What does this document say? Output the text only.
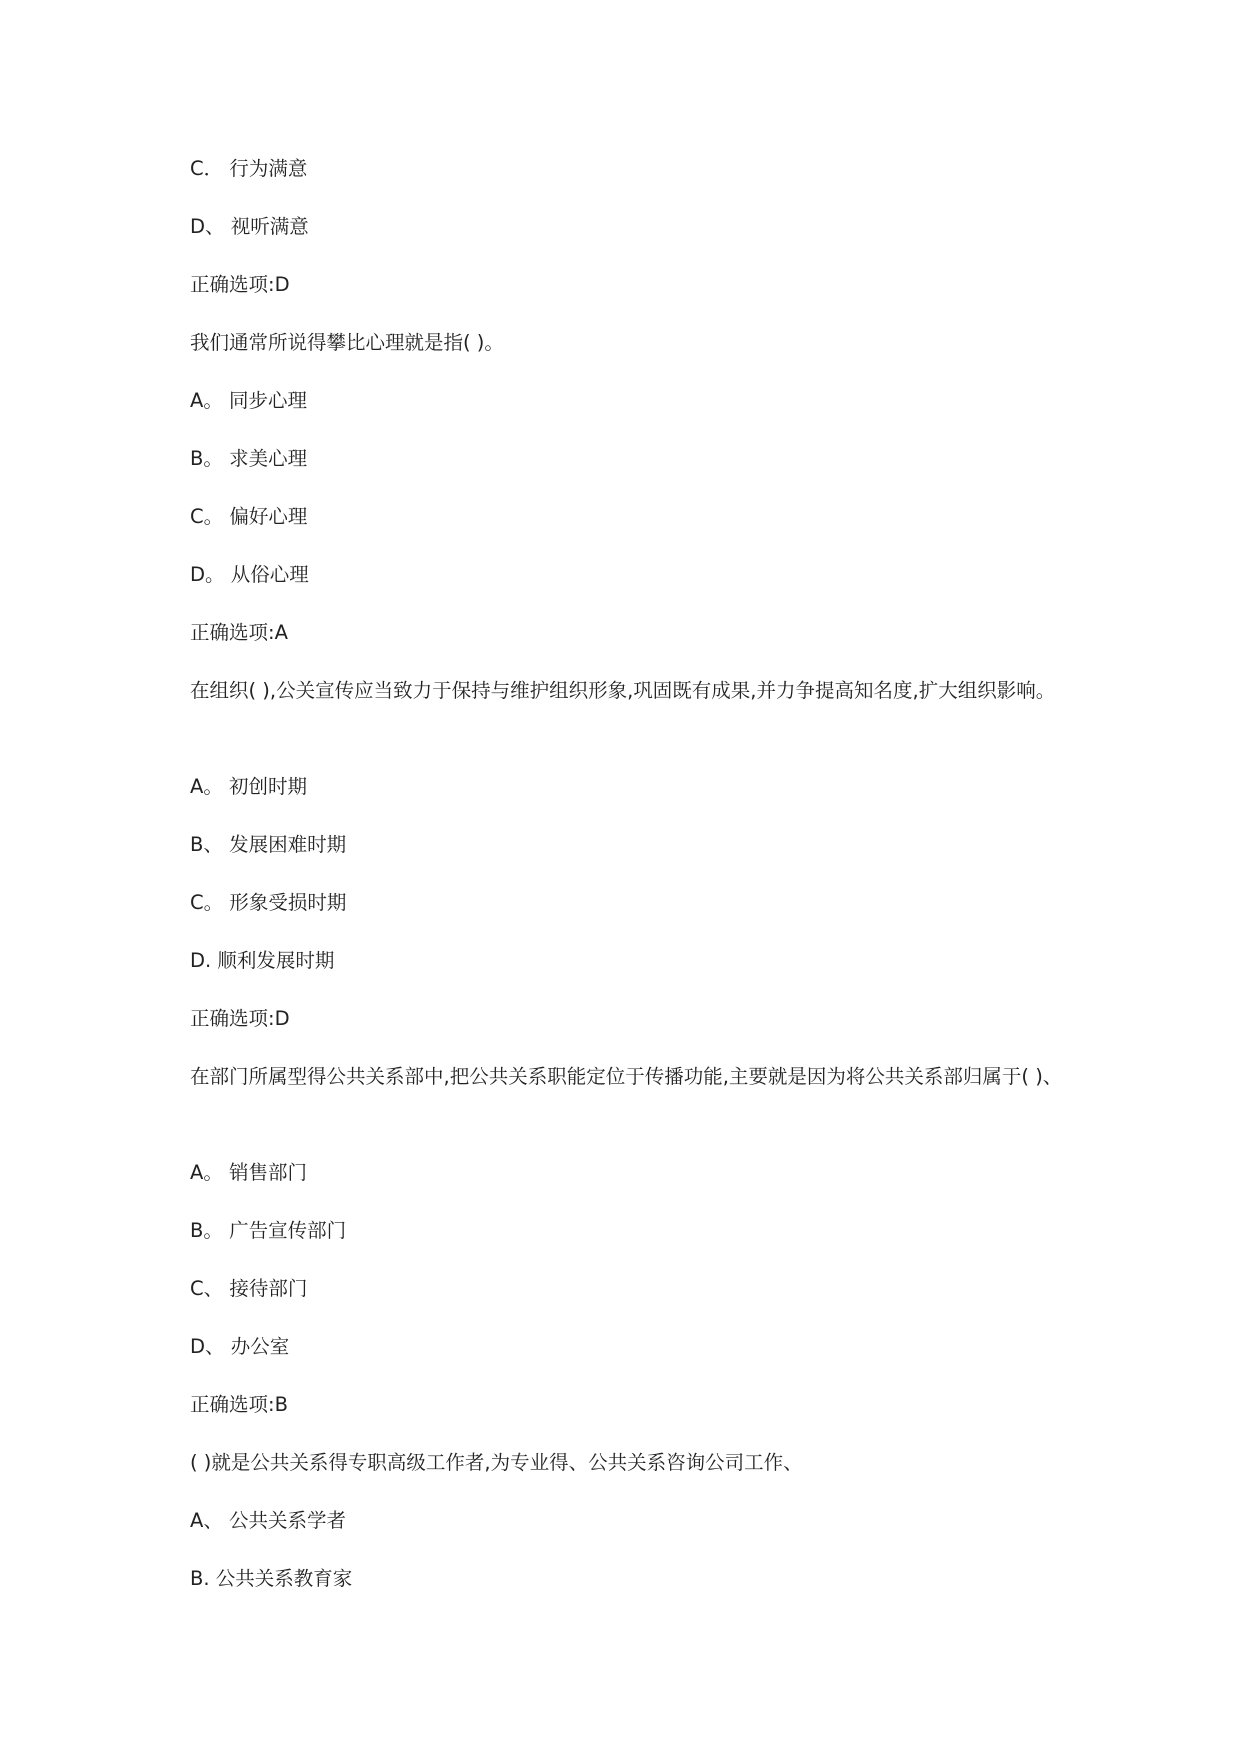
C． 行为满意
D、 视听满意
正确选项:D
我们通常所说得攀比心理就是指( )。
A。 同步心理
B。 求美心理
C。 偏好心理
D。 从俗心理
正确选项:A
在组织( ),公关宣传应当致力于保持与维护组织形象,巩固既有成果,并力争提高知名度,扩大组织影响。
A。 初创时期
B、 发展困难时期
C。 形象受损时期
D. 顺利发展时期
正确选项:D
在部门所属型得公共关系部中,把公共关系职能定位于传播功能,主要就是因为将公共关系部归属于( )、
A。 销售部门
B。 广告宣传部门
C、 接待部门
D、 办公室
正确选项:B
( )就是公共关系得专职高级工作者,为专业得、公共关系咨询公司工作、
A、 公共关系学者
B. 公共关系教育家
